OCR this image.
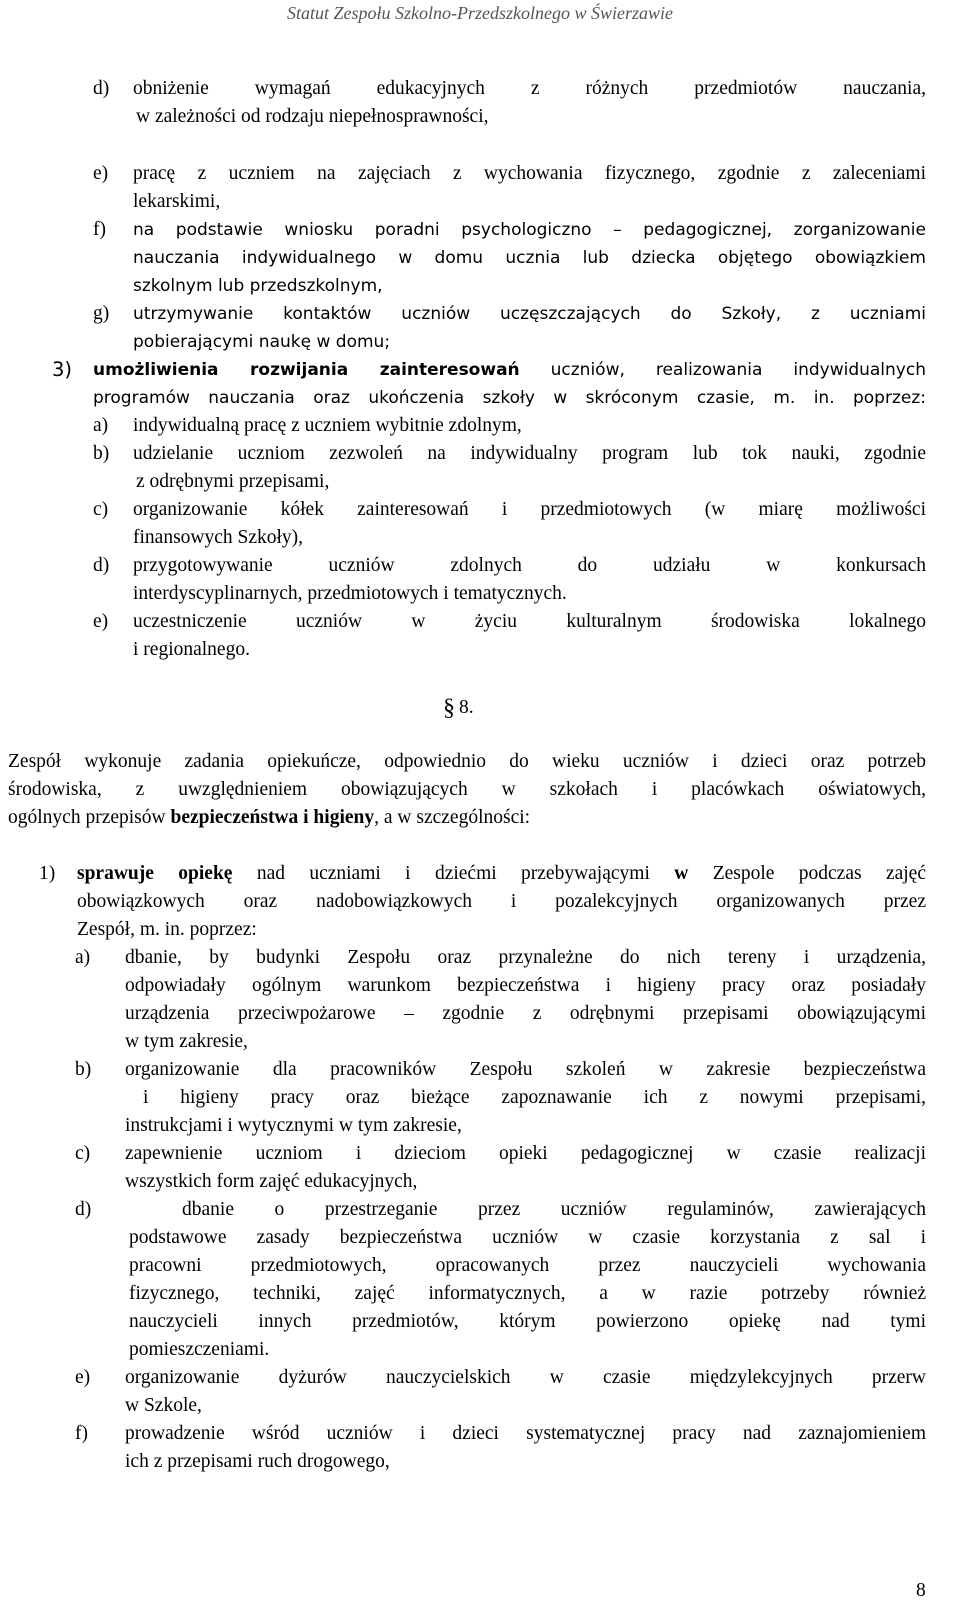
Statut Zespołu Szkolno-Przedszkolnego w Świerzawie
d) obniżenie wymagań edukacyjnych z różnych przedmiotów nauczania,
w zależności od rodzaju niepełnosprawności,
e) pracę z uczniem na zajęciach z wychowania fizycznego, zgodnie z zaleceniami
lekarskimi,
f) na podstawie wniosku poradni psychologiczno – pedagogicznej, zorganizowanie
nauczania indywidualnego w domu ucznia lub dziecka objętego obowiązkiem
szkolnym lub przedszkolnym,
g) utrzymywanie kontaktów uczniów uczęszczających do Szkoły, z uczniami
pobierającymi naukę w domu;
3) umożliwienia rozwijania zainteresowań uczniów, realizowania indywidualnych
programów nauczania oraz ukończenia szkoły w skróconym czasie, m. in. poprzez:
a) indywidualną pracę z uczniem wybitnie zdolnym,
b) udzielanie uczniom zezwoleń na indywidualny program lub tok nauki, zgodnie
z odrębnymi przepisami,
c) organizowanie kółek zainteresowań i przedmiotowych (w miarę możliwości
finansowych Szkoły),
d) przygotowywanie uczniów zdolnych do udziału w konkursach
interdyscyplinarnych, przedmiotowych i tematycznych.
e) uczestniczenie uczniów w życiu kulturalnym środowiska lokalnego
i regionalnego.
§ 8.
Zespół wykonuje zadania opiekuńcze, odpowiednio do wieku uczniów i dzieci oraz potrzeb
środowiska, z uwzględnieniem obowiązujących w szkołach i placówkach oświatowych,
ogólnych przepisów bezpieczeństwa i higieny, a w szczególności:
1) sprawuje opiekę nad uczniami i dziećmi przebywającymi w Zespole podczas zajęć
obowiązkowych oraz nadobowiązkowych i pozalekcyjnych organizowanych przez
Zespół, m. in. poprzez:
a) dbanie, by budynki Zespołu oraz przynależne do nich tereny i urządzenia,
odpowiadały ogólnym warunkom bezpieczeństwa i higieny pracy oraz posiadały
urządzenia przeciwpożarowe – zgodnie z odrębnymi przepisami obowiązującymi
w tym zakresie,
b) organizowanie dla pracowników Zespołu szkoleń w zakresie bezpieczeństwa
i higieny pracy oraz bieżące zapoznawanie ich z nowymi przepisami,
instrukcjami i wytycznymi w tym zakresie,
c) zapewnienie uczniom i dzieciom opieki pedagogicznej w czasie realizacji
wszystkich form zajęć edukacyjnych,
d)	dbanie o przestrzeganie przez uczniów regulaminów, zawierających
podstawowe zasady bezpieczeństwa uczniów w czasie korzystania z sal i
pracowni przedmiotowych, opracowanych przez nauczycieli wychowania
fizycznego, techniki, zajęć informatycznych, a w razie potrzeby również
nauczycieli innych przedmiotów, którym powierzono opiekę nad tymi
pomieszczeniami.
e) organizowanie dyżurów nauczycielskich w czasie międzylekcyjnych przerw
w Szkole,
f) prowadzenie wśród uczniów i dzieci systematycznej pracy nad zaznajomieniem
ich z przepisami ruch drogowego,
8
